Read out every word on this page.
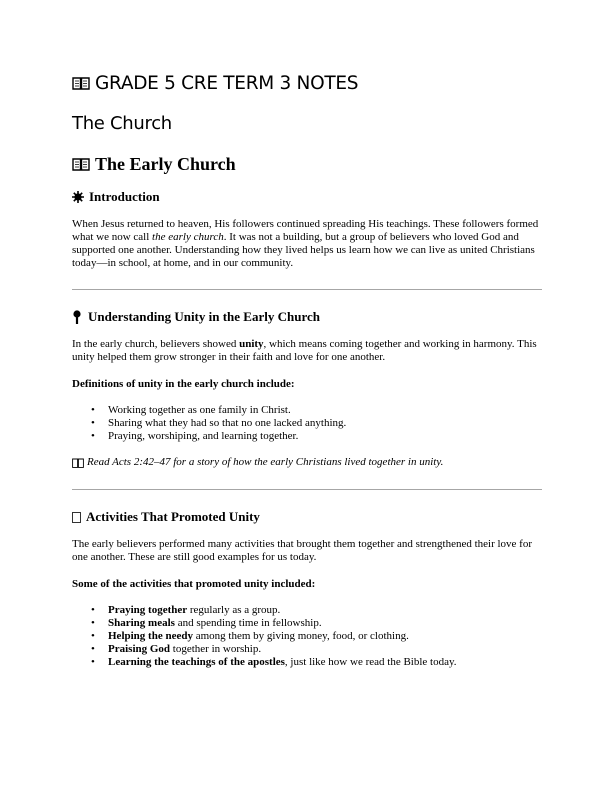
GRADE 5 CRE TERM 3 NOTES
The Church
The Early Church
Introduction

When Jesus returned to heaven, His followers continued spreading His teachings. These followers formed what we now call the early church. It was not a building, but a group of believers who loved God and supported one another. Understanding how they lived helps us learn how we can live as united Christians today—in school, at home, and in our community.

Understanding Unity in the Early Church

In the early church, believers showed unity, which means coming together and working in harmony. This unity helped them grow stronger in their faith and love for one another.

Definitions of unity in the early church include:
• Working together as one family in Christ.
• Sharing what they had so that no one lacked anything.
• Praying, worshiping, and learning together.

Read Acts 2:42–47 for a story of how the early Christians lived together in unity.

Activities That Promoted Unity

The early believers performed many activities that brought them together and strengthened their love for one another. These are still good examples for us today.

Some of the activities that promoted unity included:
• Praying together regularly as a group.
• Sharing meals and spending time in fellowship.
• Helping the needy among them by giving money, food, or clothing.
• Praising God together in worship.
• Learning the teachings of the apostles, just like how we read the Bible today.
